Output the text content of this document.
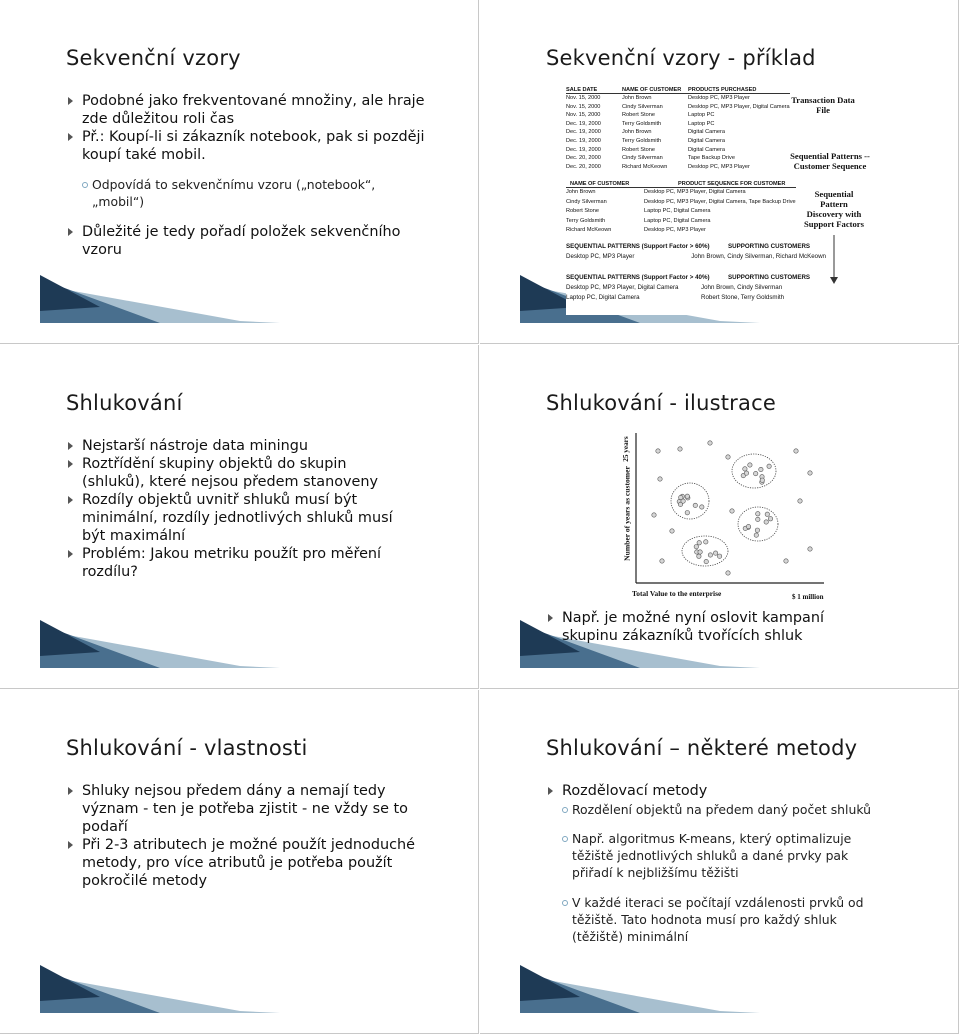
Sekvenční vzory

Podobné jako frekventované množiny, ale hraje zde důležitou roli čas

Př.: Koupí-li si zákazník notebook, pak si později koupí také mobil.

Odpovídá to sekvenčnímu vzoru („notebook“, „mobil“)

Důležité je tedy pořadí položek sekvenčního vzoru

Sekvenční vzory - příklad
SALE DATE	NAME OF CUSTOMER	PRODUCTS PURCHASED
Nov. 15, 2000	John Brown	Desktop PC, MP3 Player
Nov. 15, 2000	Cindy Silverman	Desktop PC, MP3 Player, Digital Camera
Nov. 15, 2000	Robert Stone	Laptop PC
Dec. 19, 2000	Terry Goldsmith	Laptop PC
Dec. 19, 2000	John Brown	Digital Camera
Dec. 19, 2000	Terry Goldsmith	Digital Camera
Dec. 19, 2000	Robert Stone	Digital Camera
Dec. 20, 2000	Cindy Silverman	Tape Backup Drive
Dec. 20, 2000	Richard McKeown	Desktop PC, MP3 Player
NAME OF CUSTOMER	PRODUCT SEQUENCE FOR CUSTOMER
John Brown	Desktop PC, MP3 Player, Digital Camera
Cindy Silverman	Desktop PC, MP3 Player, Digital Camera, Tape Backup Drive
Robert Stone	Laptop PC, Digital Camera
Terry Goldsmith	Laptop PC, Digital Camera
Richard McKeown	Desktop PC, MP3 Player
SEQUENTIAL PATTERNS (Support Factor > 60%)	SUPPORTING CUSTOMERS
Desktop PC, MP3 Player	John Brown, Cindy Silverman, Richard McKeown
SEQUENTIAL PATTERNS (Support Factor > 40%)	SUPPORTING CUSTOMERS
Desktop PC, MP3 Player, Digital Camera	John Brown, Cindy Silverman
Laptop PC, Digital Camera	Robert Stone, Terry Goldsmith
Transaction Data File
Sequential Patterns -- Customer Sequence
Sequential Pattern Discovery with Support Factors
Shlukování

Nejstarší nástroje data miningu

Roztřídění skupiny objektů do skupin (shluků), které nejsou předem stanoveny

Rozdíly objektů uvnitř shluků musí být minimální, rozdíly jednotlivých shluků musí být maximální

Problém: Jakou metriku použít pro měření rozdílu?

Shlukování - ilustrace
Number of years as customer
25 years
Total Value to the enterprise	$ 1 million
Např. je možné nyní oslovit kampaní skupinu zákazníků tvořících shluk
Shlukování - vlastnosti

Shluky nejsou předem dány a nemají tedy význam - ten je potřeba zjistit - ne vždy se to podaří

Při 2-3 atributech je možné použít jednoduché metody, pro více atributů je potřeba použít pokročilé metody

Shlukování – některé metody

Rozdělovací metody

Rozdělení objektů na předem daný počet shluků

Např. algoritmus K-means, který optimalizuje těžiště jednotlivých shluků a dané prvky pak přiřadí k nejbližšímu těžišti

V každé iteraci se počítají vzdálenosti prvků od těžiště. Tato hodnota musí pro každý shluk (těžiště) minimální
